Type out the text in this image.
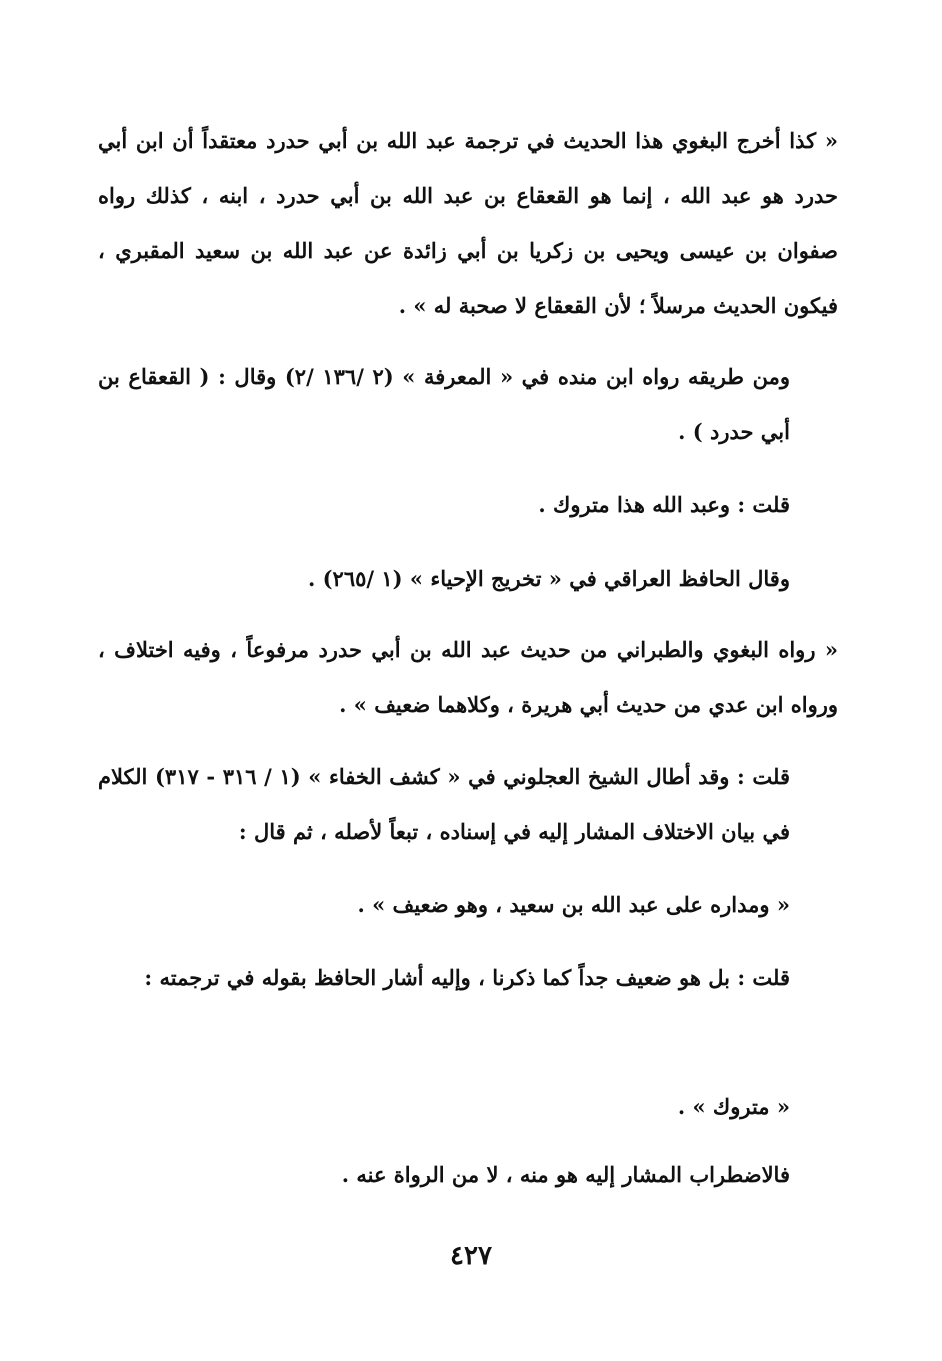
« كذا أخرج البغوي هذا الحديث في ترجمة عبد الله بن أبي حدرد معتقداً أن ابن أبي حدرد هو عبد الله ، إنما هو القعقاع بن عبد الله بن أبي حدرد ، ابنه ، كذلك رواه صفوان بن عيسى ويحيى بن زكريا بن أبي زائدة عن عبد الله بن سعيد المقبري ، فيكون الحديث مرسلاً ؛ لأن القعقاع لا صحبة له » .

ومن طريقه رواه ابن منده في « المعرفة » (٢ /١٣٦ /٢) وقال : ( القعقاع بن أبي حدرد ) .

قلت : وعبد الله هذا متروك .

وقال الحافظ العراقي في « تخريج الإحياء » (١ /٢٦٥) .

« رواه البغوي والطبراني من حديث عبد الله بن أبي حدرد مرفوعاً ، وفيه اختلاف ، ورواه ابن عدي من حديث أبي هريرة ، وكلاهما ضعيف » .

قلت : وقد أطال الشيخ العجلوني في « كشف الخفاء » (١ / ٣١٦ - ٣١٧) الكلام في بيان الاختلاف المشار إليه في إسناده ، تبعاً لأصله ، ثم قال :

« ومداره على عبد الله بن سعيد ، وهو ضعيف » .

قلت : بل هو ضعيف جداً كما ذكرنا ، وإليه أشار الحافظ بقوله في ترجمته :

« متروك » .

فالاضطراب المشار إليه هو منه ، لا من الرواة عنه .

٤٢٧
